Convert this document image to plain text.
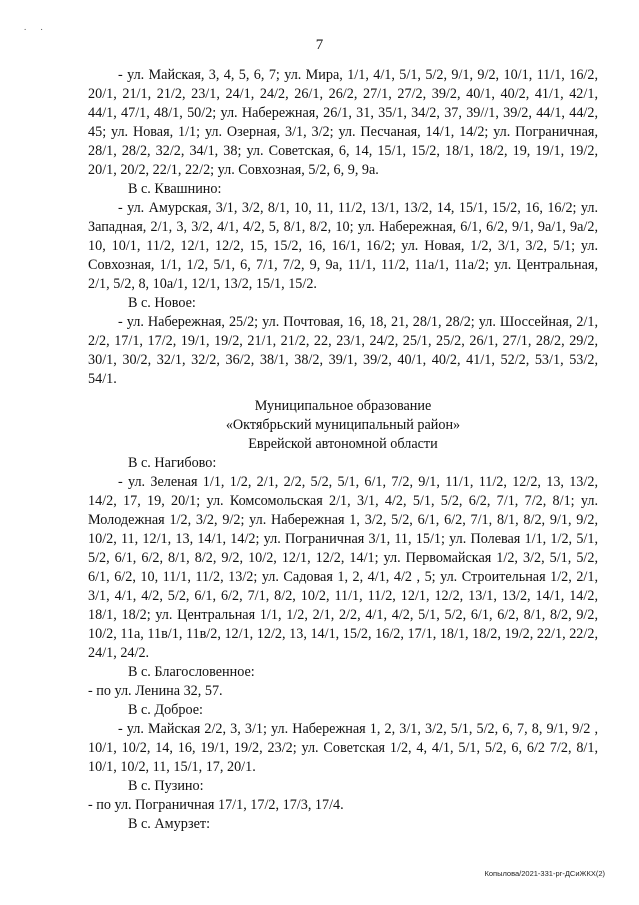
. .
7

- ул. Майская, 3, 4, 5, 6, 7; ул. Мира, 1/1, 4/1, 5/1, 5/2, 9/1, 9/2, 10/1, 11/1, 16/2, 20/1, 21/1, 21/2, 23/1, 24/1, 24/2, 26/1, 26/2, 27/1, 27/2, 39/2, 40/1, 40/2, 41/1, 42/1, 44/1, 47/1, 48/1, 50/2; ул. Набережная, 26/1, 31, 35/1, 34/2, 37, 39//1, 39/2, 44/1, 44/2, 45; ул. Новая, 1/1; ул. Озерная, 3/1, 3/2; ул. Песчаная, 14/1, 14/2; ул. Пограничная, 28/1, 28/2, 32/2, 34/1, 38; ул. Советская, 6, 14, 15/1, 15/2, 18/1, 18/2, 19, 19/1, 19/2, 20/1, 20/2, 22/1, 22/2; ул. Совхозная, 5/2, 6, 9, 9а.

В с. Квашнино:

- ул. Амурская, 3/1, 3/2, 8/1, 10, 11, 11/2, 13/1, 13/2, 14, 15/1, 15/2, 16, 16/2; ул. Западная, 2/1, 3, 3/2, 4/1, 4/2, 5, 8/1, 8/2, 10; ул. Набережная, 6/1, 6/2, 9/1, 9а/1, 9а/2, 10, 10/1, 11/2, 12/1, 12/2, 15, 15/2, 16, 16/1, 16/2; ул. Новая, 1/2, 3/1, 3/2, 5/1; ул. Совхозная, 1/1, 1/2, 5/1, 6, 7/1, 7/2, 9, 9а, 11/1, 11/2, 11а/1, 11а/2; ул. Центральная, 2/1, 5/2, 8, 10а/1, 12/1, 13/2, 15/1, 15/2.

В с. Новое:

- ул. Набережная, 25/2; ул. Почтовая, 16, 18, 21, 28/1, 28/2; ул. Шоссейная, 2/1, 2/2, 17/1, 17/2, 19/1, 19/2, 21/1, 21/2, 22, 23/1, 24/2, 25/1, 25/2, 26/1, 27/1, 28/2, 29/2, 30/1, 30/2, 32/1, 32/2, 36/2, 38/1, 38/2, 39/1, 39/2, 40/1, 40/2, 41/1, 52/2, 53/1, 53/2, 54/1.

Муниципальное образование
«Октябрьский муниципальный район»
Еврейской автономной области

В с. Нагибово:

- ул. Зеленая 1/1, 1/2, 2/1, 2/2, 5/2, 5/1, 6/1, 7/2, 9/1, 11/1, 11/2, 12/2, 13, 13/2, 14/2, 17, 19, 20/1; ул. Комсомольская 2/1, 3/1, 4/2, 5/1, 5/2, 6/2, 7/1, 7/2, 8/1; ул. Молодежная 1/2, 3/2, 9/2; ул. Набережная 1, 3/2, 5/2, 6/1, 6/2, 7/1, 8/1, 8/2, 9/1, 9/2, 10/2, 11, 12/1, 13, 14/1, 14/2; ул. Пограничная 3/1, 11, 15/1; ул. Полевая 1/1, 1/2, 5/1, 5/2, 6/1, 6/2, 8/1, 8/2, 9/2, 10/2, 12/1, 12/2, 14/1; ул. Первомайская 1/2, 3/2, 5/1, 5/2, 6/1, 6/2, 10, 11/1, 11/2, 13/2; ул. Садовая 1, 2, 4/1, 4/2 , 5; ул. Строительная 1/2, 2/1, 3/1, 4/1, 4/2, 5/2, 6/1, 6/2, 7/1, 8/2, 10/2, 11/1, 11/2, 12/1, 12/2, 13/1, 13/2, 14/1, 14/2, 18/1, 18/2; ул. Центральная 1/1, 1/2, 2/1, 2/2, 4/1, 4/2, 5/1, 5/2, 6/1, 6/2, 8/1, 8/2, 9/2, 10/2, 11а, 11в/1, 11в/2, 12/1, 12/2, 13, 14/1, 15/2, 16/2, 17/1, 18/1, 18/2, 19/2, 22/1, 22/2, 24/1, 24/2.

В с. Благословенное:

- по ул. Ленина 32, 57.

В с. Доброе:

- ул. Майская 2/2, 3, 3/1; ул. Набережная 1, 2, 3/1, 3/2, 5/1, 5/2, 6, 7, 8, 9/1, 9/2 , 10/1, 10/2, 14, 16, 19/1, 19/2, 23/2; ул. Советская 1/2, 4, 4/1, 5/1, 5/2, 6, 6/2 7/2, 8/1, 10/1, 10/2, 11, 15/1, 17, 20/1.

В с. Пузино:

- по ул. Пограничная 17/1, 17/2, 17/3, 17/4.

В с. Амурзет:

Копылова/2021-331-рг-ДСиЖКХ(2)
